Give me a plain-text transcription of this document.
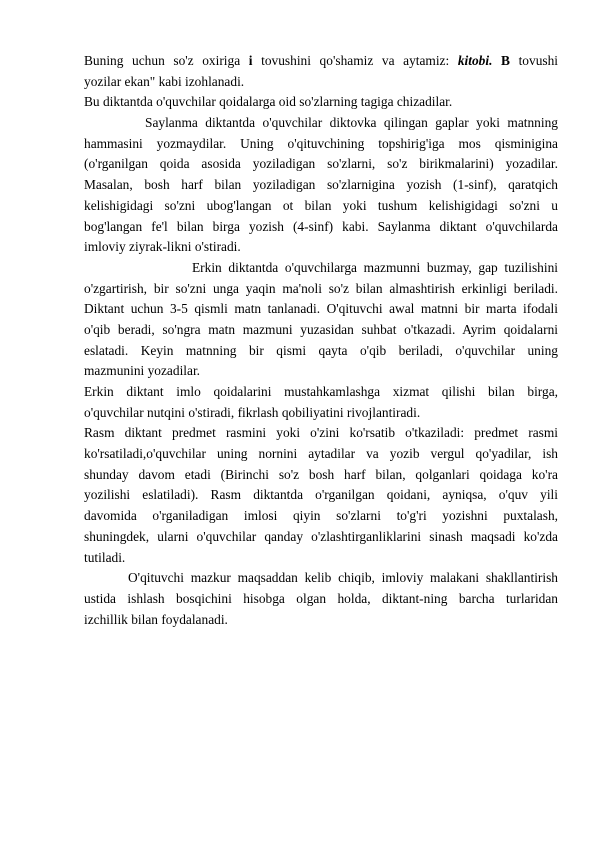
Buning uchun so'z oxiriga i tovushini qo'shamiz va aytamiz: kitobi. B tovushi
yozilar ekan" kabi izohlanadi.
Bu diktantda o'quvchilar qoidalarga oid so'zlarning tagiga chizadilar.
Saylanma diktantda o'quvchilar diktovka qilingan gaplar yoki matnning
hammasini yozmaydilar. Uning o'qituvchining topshirig'iga mos qisminigina
(o'rganilgan qoida asosida yoziladigan so'zlarni, so'z birikmalarini) yozadilar.
Masalan, bosh harf bilan yoziladigan so'zlarnigina yozish (1-sinf), qaratqich
kelishigidagi so'zni ubog'langan ot bilan yoki tushum kelishigidagi so'zni u
bog'langan fe'l bilan birga yozish (4-sinf) kabi. Saylanma diktant o'quvchilarda
imloviy ziyrak-likni o'stiradi.
Erkin diktantda o'quvchilarga mazmunni buzmay, gap tuzilishini
o'zgartirish, bir so'zni unga yaqin ma'noli so'z bilan almashtirish erkinligi beriladi.
Diktant uchun 3-5 qismli matn tanlanadi. O'qituvchi awal matnni bir marta ifodali
o'qib beradi, so'ngra matn mazmuni yuzasidan suhbat o'tkazadi. Ayrim qoidalarni
eslatadi. Keyin matnning bir qismi qayta o'qib beriladi, o'quvchilar uning
mazmunini yozadilar.
Erkin diktant imlo qoidalarini mustahkamlashga xizmat qilishi bilan birga,
o'quvchilar nutqini o'stiradi, fikrlash qobiliyatini rivojlantiradi.
Rasm diktant predmet rasmini yoki o'zini ko'rsatib o'tkaziladi: predmet rasmi
ko'rsatiladi,o'quvchilar uning nornini aytadilar va yozib vergul qo'yadilar, ish
shunday davom etadi (Birinchi so'z bosh harf bilan, qolganlari qoidaga ko'ra
yozilishi eslatiladi). Rasm diktantda o'rganilgan qoidani, ayniqsa, o'quv yili
davomida o'rganiladigan imlosi qiyin so'zlarni to'g'ri yozishni puxtalash,
shuningdek, ularni o'quvchilar qanday o'zlashtirganliklarini sinash maqsadi ko'zda
tutiladi.
O'qituvchi mazkur maqsaddan kelib chiqib, imloviy malakani shakllantirish
ustida ishlash bosqichini hisobga olgan holda, diktant-ning barcha turlaridan
izchillik bilan foydalanadi.
